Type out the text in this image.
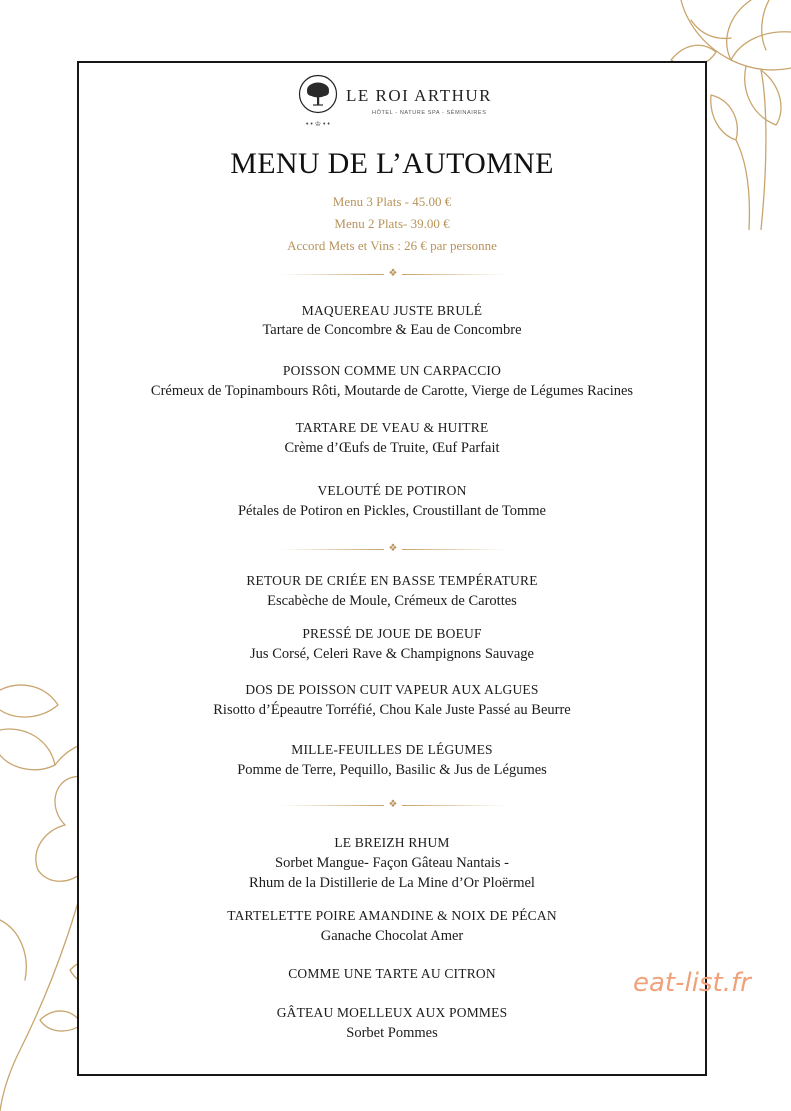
LE ROI ARTHUR
HÔTEL - NATURE SPA - SÉMINAIRES
• • ♔ • •
MENU DE L’AUTOMNE
Menu 3 Plats - 45.00 €
Menu 2 Plats- 39.00 €
Accord Mets et Vins : 26 € par personne
❖
MAQUEREAU JUSTE BRULÉ
Tartare de Concombre & Eau de Concombre
POISSON COMME UN CARPACCIO
Crémeux de Topinambours Rôti, Moutarde de Carotte, Vierge de Légumes Racines
TARTARE DE VEAU & HUITRE
Crème d’Œufs de Truite, Œuf Parfait
VELOUTÉ DE POTIRON
Pétales de Potiron en Pickles, Croustillant de Tomme
❖
RETOUR DE CRIÉE EN BASSE TEMPÉRATURE
Escabèche de Moule, Crémeux de Carottes
PRESSÉ DE JOUE DE BOEUF
Jus Corsé, Celeri Rave & Champignons Sauvage
DOS DE POISSON CUIT VAPEUR AUX ALGUES
Risotto d’Épeautre Torréfié, Chou Kale Juste Passé au Beurre
MILLE-FEUILLES DE LÉGUMES
Pomme de Terre, Pequillo, Basilic & Jus de Légumes
❖
LE BREIZH RHUM
Sorbet Mangue- Façon Gâteau Nantais -
Rhum de la Distillerie de La Mine d’Or Ploërmel
TARTELETTE POIRE AMANDINE & NOIX DE PÉCAN
Ganache Chocolat Amer
COMME UNE TARTE AU CITRON
GÂTEAU MOELLEUX AUX POMMES
Sorbet Pommes
eat-list.fr
